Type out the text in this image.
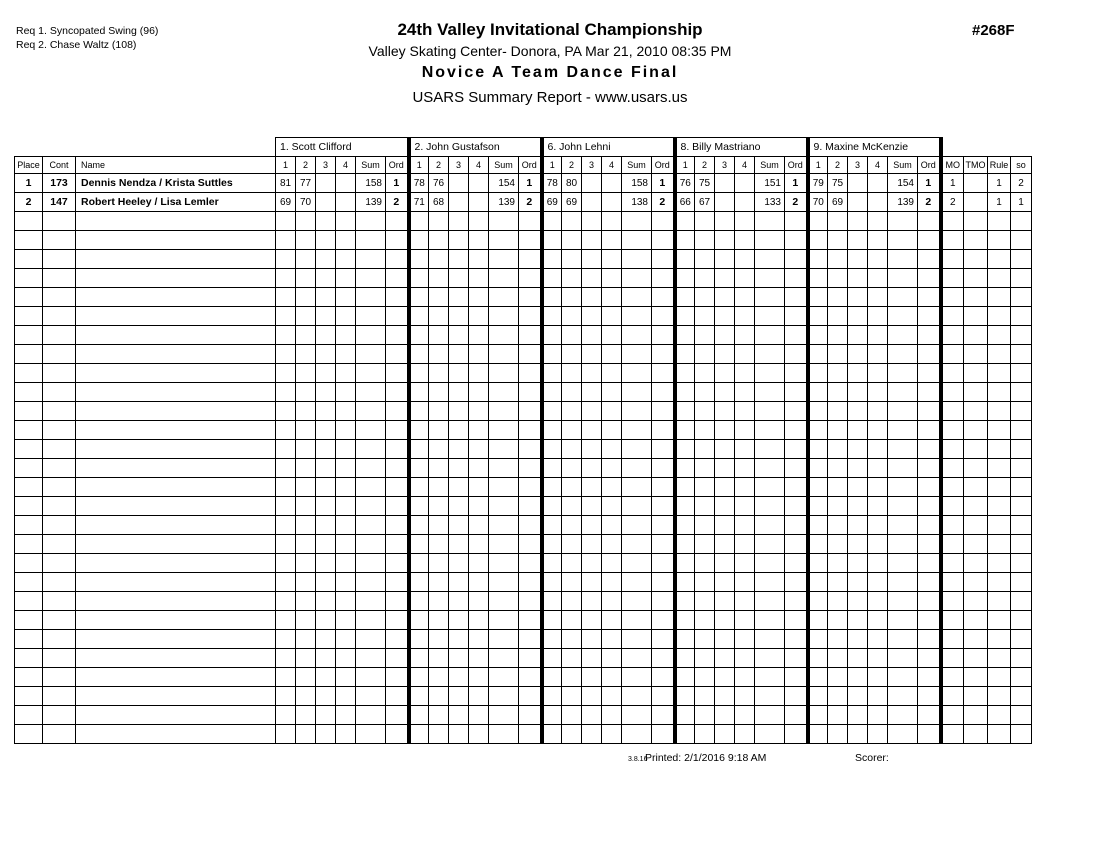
Req 1. Syncopated Swing (96)
Req 2. Chase Waltz (108)
24th Valley Invitational Championship
Valley Skating Center- Donora, PA Mar 21, 2010 08:35 PM
Novice A Team Dance Final
USARS Summary Report - www.usars.us
#268F
			1. Scott Clifford						2. John Gustafson						6. John Lehni						8. Billy Mastriano						9. Maxine McKenzie									
Place	Cont	Name	1	2	3	4	Sum	Ord	1	2	3	4	Sum	Ord	1	2	3	4	Sum	Ord	1	2	3	4	Sum	Ord	1	2	3	4	Sum	Ord	MO	TMO	Rule	so
1	173	Dennis Nendza / Krista Suttles	81	77			158	1	78	76			154	1	78	80			158	1	76	75			151	1	79	75			154	1	1		1	2
2	147	Robert Heeley / Lisa Lemler	69	70			139	2	71	68			139	2	69	69			138	2	66	67			133	2	70	69			139	2	2		1	1

3.8.16
Printed: 2/1/2016 9:18 AM	Scorer:
